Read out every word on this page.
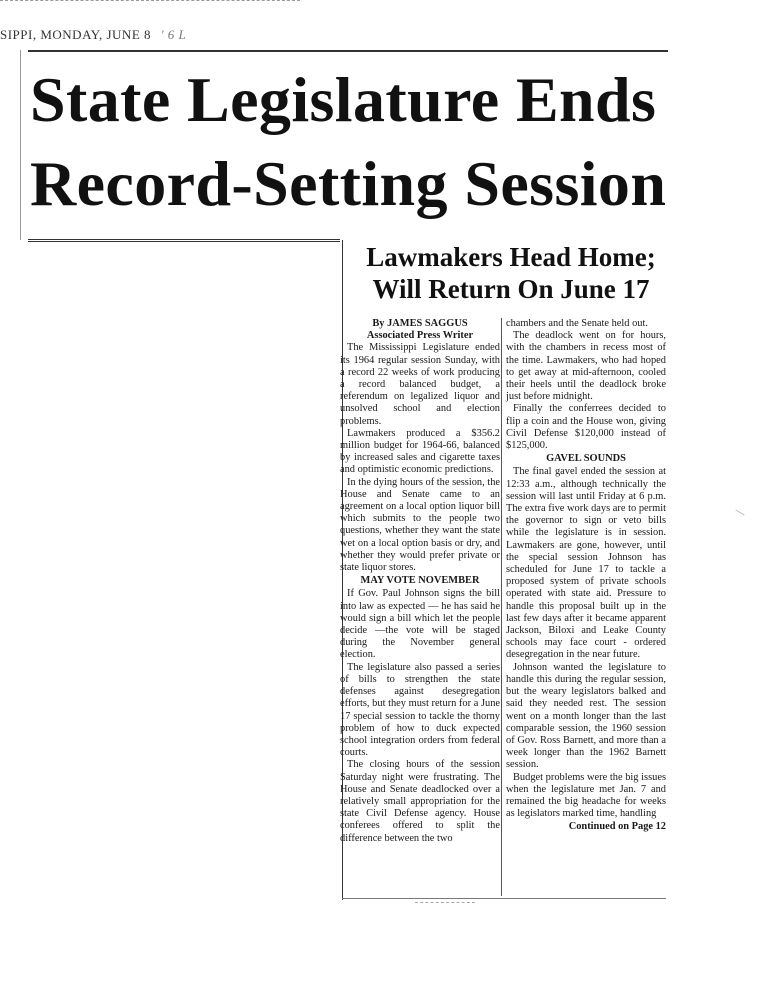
SIPPI, MONDAY, JUNE 8 ' 6 L
State Legislature Ends
Record-Setting Session
Lawmakers Head Home;
Will Return On June 17

By JAMES SAGGUS

Associated Press Writer

The Mississippi Legislature ended its 1964 regular session Sunday, with a record 22 weeks of work producing a record balanced budget, a referendum on legalized liquor and unsolved school and election problems.

Lawmakers produced a $356.2 million budget for 1964-66, balanced by increased sales and cigarette taxes and optimistic economic predictions.

In the dying hours of the session, the House and Senate came to an agreement on a local option liquor bill which submits to the people two questions, whether they want the state wet on a local option basis or dry, and whether they would prefer private or state liquor stores.

MAY VOTE NOVEMBER

If Gov. Paul Johnson signs the bill into law as expected — he has said he would sign a bill which let the people decide —the vote will be staged during the November general election.

The legislature also passed a series of bills to strengthen the state defenses against desegregation efforts, but they must return for a June 17 special session to tackle the thorny problem of how to duck expected school integration orders from federal courts.

The closing hours of the session Saturday night were frustrating. The House and Senate deadlocked over a relatively small appropriation for the state Civil Defense agency. House conferees offered to split the difference between the two

chambers and the Senate held out.

The deadlock went on for hours, with the chambers in recess most of the time. Lawmakers, who had hoped to get away at mid-afternoon, cooled their heels until the deadlock broke just before midnight.

Finally the conferrees decided to flip a coin and the House won, giving Civil Defense $120,000 instead of $125,000.

GAVEL SOUNDS

The final gavel ended the session at 12:33 a.m., although technically the session will last until Friday at 6 p.m. The extra five work days are to permit the governor to sign or veto bills while the legislature is in session. Lawmakers are gone, however, until the special session Johnson has scheduled for June 17 to tackle a proposed system of private schools operated with state aid. Pressure to handle this proposal built up in the last few days after it became apparent Jackson, Biloxi and Leake County schools may face court - ordered desegregation in the near future.

Johnson wanted the legislature to handle this during the regular session, but the weary legislators balked and said they needed rest. The session went on a month longer than the last comparable session, the 1960 session of Gov. Ross Barnett, and more than a week longer than the 1962 Barnett session.

Budget problems were the big issues when the legislature met Jan. 7 and remained the big headache for weeks as legislators marked time, handling

Continued on Page 12
